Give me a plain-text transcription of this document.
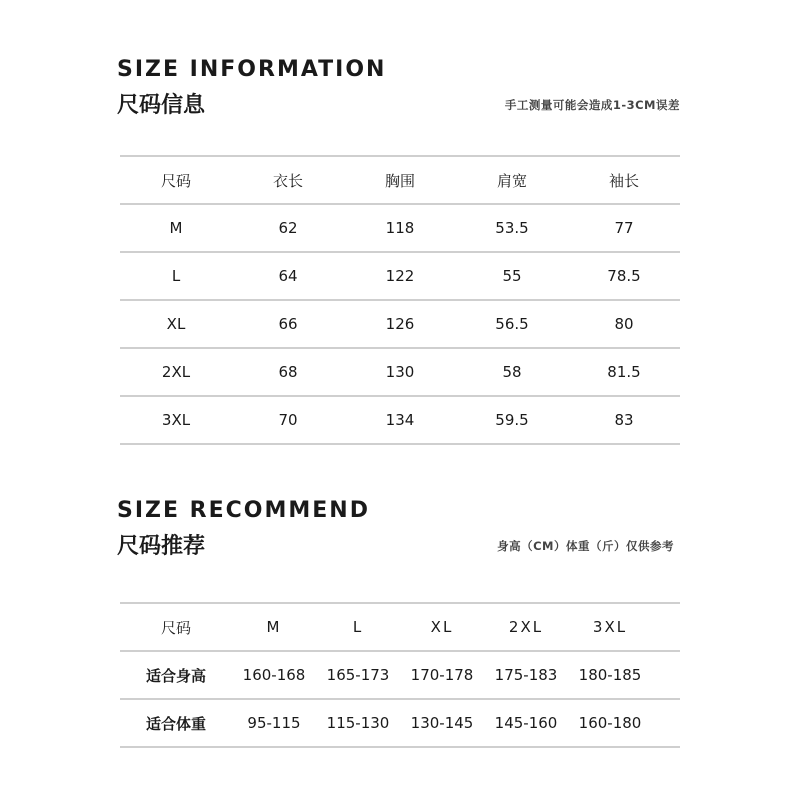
SIZE INFORMATION
尺码信息	手工测量可能会造成1-3CM误差
尺码	衣长	胸围	肩宽	袖长
M	62	118	53.5	77
L	64	122	55	78.5
XL	66	126	56.5	80
2XL	68	130	58	81.5
3XL	70	134	59.5	83
SIZE RECOMMEND
尺码推荐	身高（CM）体重（斤）仅供参考
尺码	M	L	XL	2XL	3XL	
适合身高	160-168	165-173	170-178	175-183	180-185	
适合体重	95-115	115-130	130-145	145-160	160-180	
